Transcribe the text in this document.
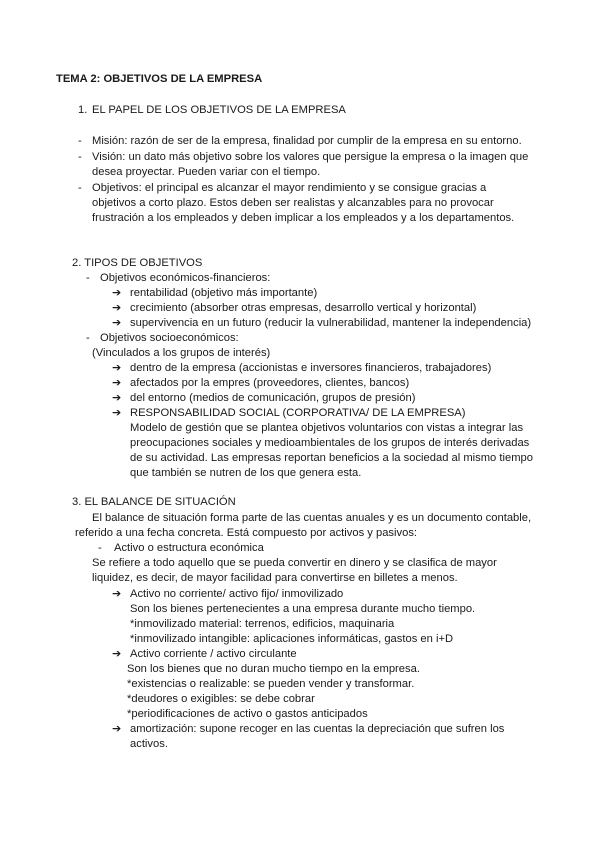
TEMA 2: OBJETIVOS DE LA EMPRESA
1. EL PAPEL DE LOS OBJETIVOS DE LA EMPRESA
- Misión: razón de ser de la empresa, finalidad por cumplir de la empresa en su entorno.
- Visión: un dato más objetivo sobre los valores que persigue la empresa o la imagen que
desea proyectar. Pueden variar con el tiempo.
- Objetivos: el principal es alcanzar el mayor rendimiento y se consigue gracias a
objetivos a corto plazo. Estos deben ser realistas y alcanzables para no provocar
frustración a los empleados y deben implicar a los empleados y a los departamentos.
2. TIPOS DE OBJETIVOS
- Objetivos económicos-financieros:
➔ rentabilidad (objetivo más importante)
➔ crecimiento (absorber otras empresas, desarrollo vertical y horizontal)
➔ supervivencia en un futuro (reducir la vulnerabilidad, mantener la independencia)
- Objetivos socioeconómicos:
(Vinculados a los grupos de interés)
➔ dentro de la empresa (accionistas e inversores financieros, trabajadores)
➔ afectados por la empres (proveedores, clientes, bancos)
➔ del entorno (medios de comunicación, grupos de presión)
➔ RESPONSABILIDAD SOCIAL (CORPORATIVA/ DE LA EMPRESA)
Modelo de gestión que se plantea objetivos voluntarios con vistas a integrar las
preocupaciones sociales y medioambientales de los grupos de interés derivadas
de su actividad. Las empresas reportan beneficios a la sociedad al mismo tiempo
que también se nutren de los que genera esta.
3. EL BALANCE DE SITUACIÓN
El balance de situación forma parte de las cuentas anuales y es un documento contable,
referido a una fecha concreta. Está compuesto por activos y pasivos:
- Activo o estructura económica
Se refiere a todo aquello que se pueda convertir en dinero y se clasifica de mayor
liquidez, es decir, de mayor facilidad para convertirse en billetes a menos.
➔ Activo no corriente/ activo fijo/ inmovilizado
Son los bienes pertenecientes a una empresa durante mucho tiempo.
*inmovilizado material: terrenos, edificios, maquinaria
*inmovilizado intangible: aplicaciones informáticas, gastos en i+D
➔ Activo corriente / activo circulante
Son los bienes que no duran mucho tiempo en la empresa.
*existencias o realizable: se pueden vender y transformar.
*deudores o exigibles: se debe cobrar
*periodificaciones de activo o gastos anticipados
➔ amortización: supone recoger en las cuentas la depreciación que sufren los
activos.
